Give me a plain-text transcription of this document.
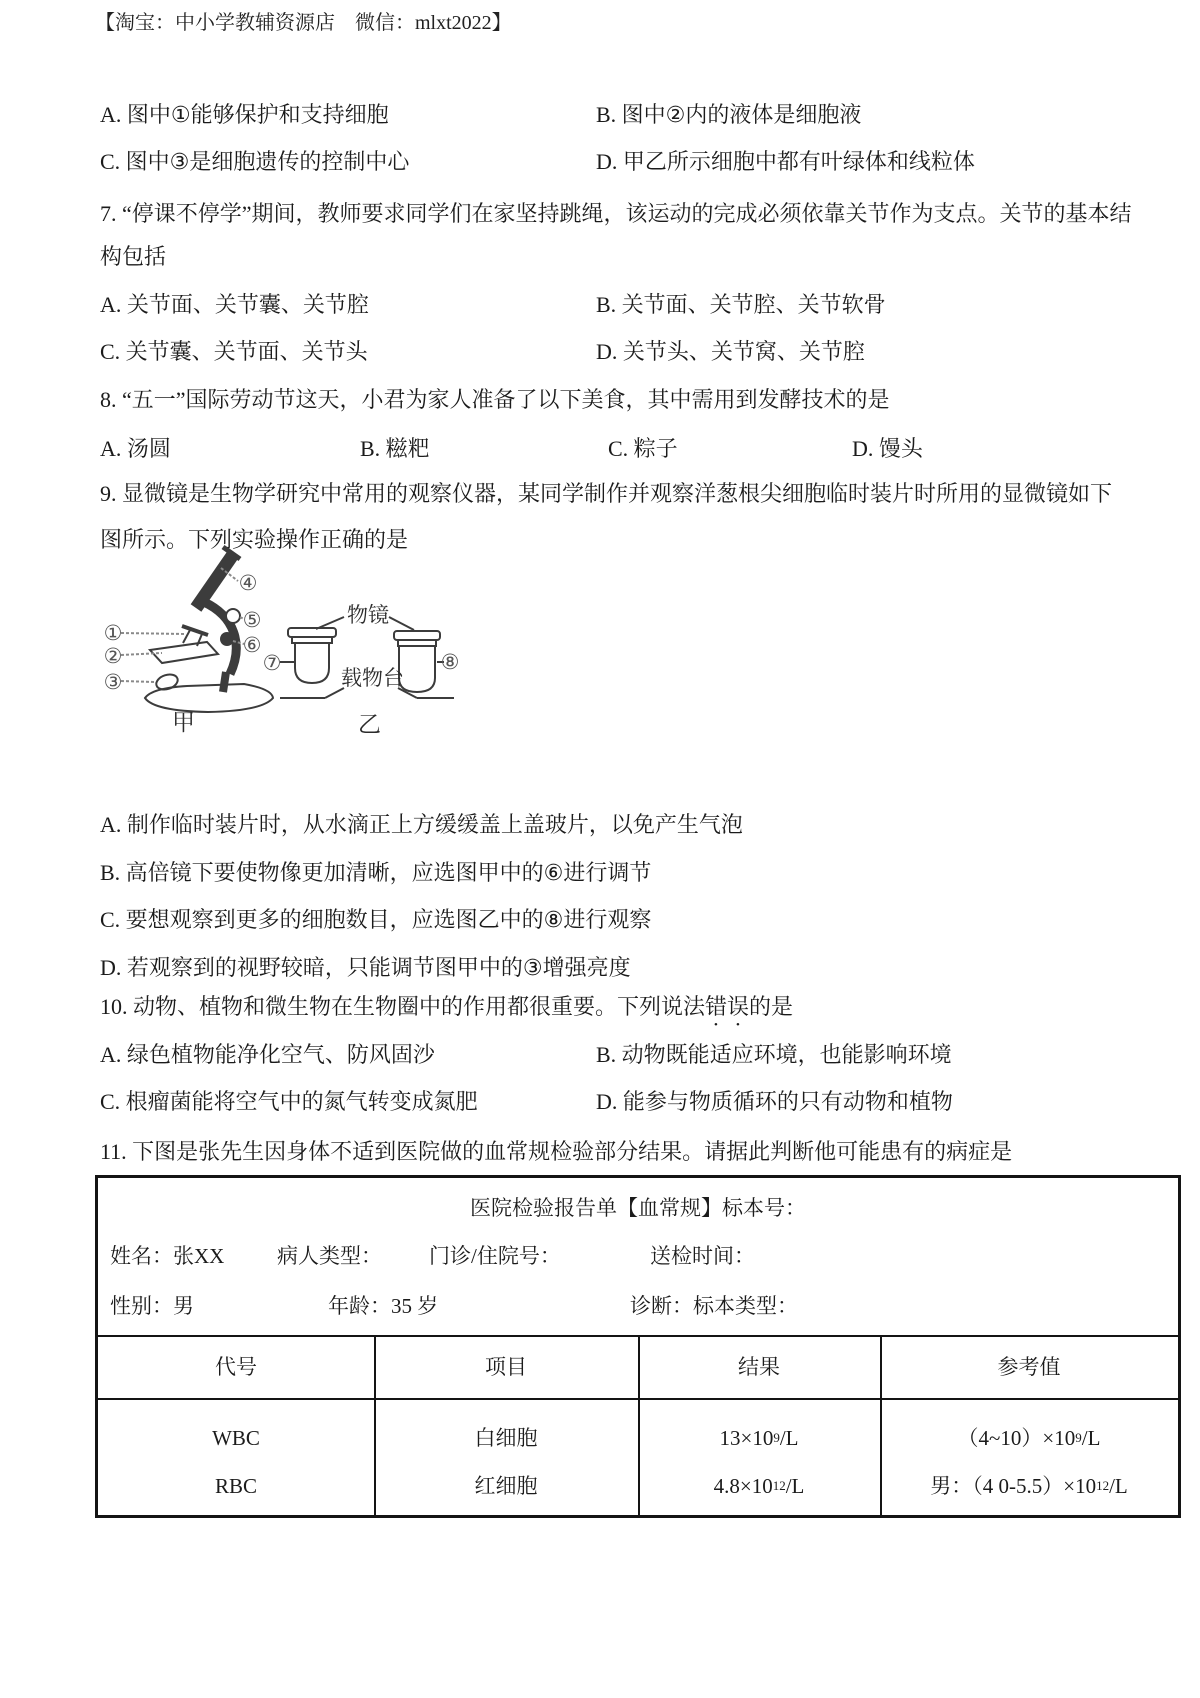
【淘宝：中小学教辅资源店　微信：mlxt2022】
A. 图中①能够保护和支持细胞	B. 图中②内的液体是细胞液
C. 图中③是细胞遗传的控制中心	D. 甲乙所示细胞中都有叶绿体和线粒体
7. “停课不停学”期间，教师要求同学们在家坚持跳绳，该运动的完成必须依靠关节作为支点。关节的基本结
构包括
A. 关节面、关节囊、关节腔	B. 关节面、关节腔、关节软骨
C. 关节囊、关节面、关节头	D. 关节头、关节窝、关节腔
8. “五一”国际劳动节这天，小君为家人准备了以下美食，其中需用到发酵技术的是
A. 汤圆	B. 糍粑	C. 粽子	D. 馒头
9. 显微镜是生物学研究中常用的观察仪器，某同学制作并观察洋葱根尖细胞临时装片时所用的显微镜如下
图所示。下列实验操作正确的是
①
②
③
④
⑤
⑥
⑦	⑧
物镜
载物台
甲	乙
A. 制作临时装片时，从水滴正上方缓缓盖上盖玻片，以免产生气泡
B. 高倍镜下要使物像更加清晰，应选图甲中的⑥进行调节
C. 要想观察到更多的细胞数目，应选图乙中的⑧进行观察
D. 若观察到的视野较暗，只能调节图甲中的③增强亮度
10. 动物、植物和微生物在生物圈中的作用都很重要。下列说法错误的是
A. 绿色植物能净化空气、防风固沙	B. 动物既能适应环境，也能影响环境
C. 根瘤菌能将空气中的氮气转变成氮肥	D. 能参与物质循环的只有动物和植物
11. 下图是张先生因身体不适到医院做的血常规检验部分结果。请据此判断他可能患有的病症是
医院检验报告单【血常规】标本号：
姓名：张XX	病人类型： 门诊/住院号：	送检时间：
性别：男	年龄：35 岁	诊断：标本类型：
代号	项目	结果	参考值
WBC	白细胞	13×10 9 /L	（4~10）×10 9 /L
RBC	红细胞	4.8×10 12 /L	男：（4 0-5.5）×10 12 /L
